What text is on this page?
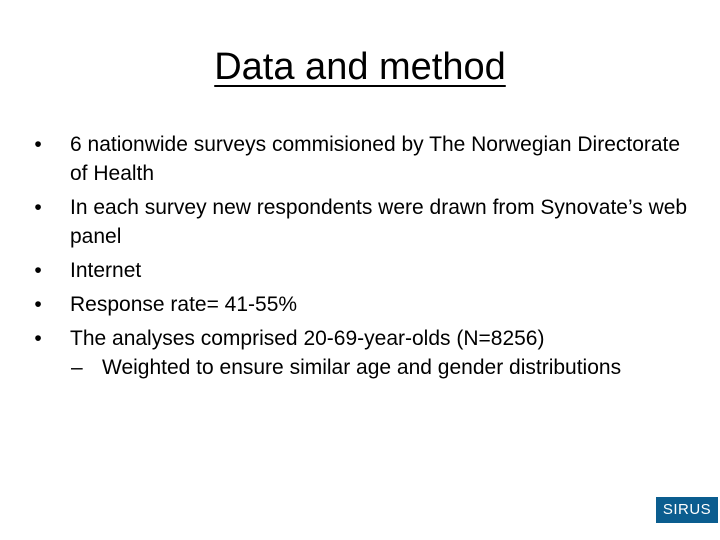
Data and method
• 6 nationwide surveys commisioned by The Norwegian Directorate of Health
• In each survey new respondents were drawn from Synovate’s web panel
• Internet
• Response rate= 41-55%
• The analyses comprised 20-69-year-olds (N=8256)
– Weighted to ensure similar age and gender distributions
SIRUS
